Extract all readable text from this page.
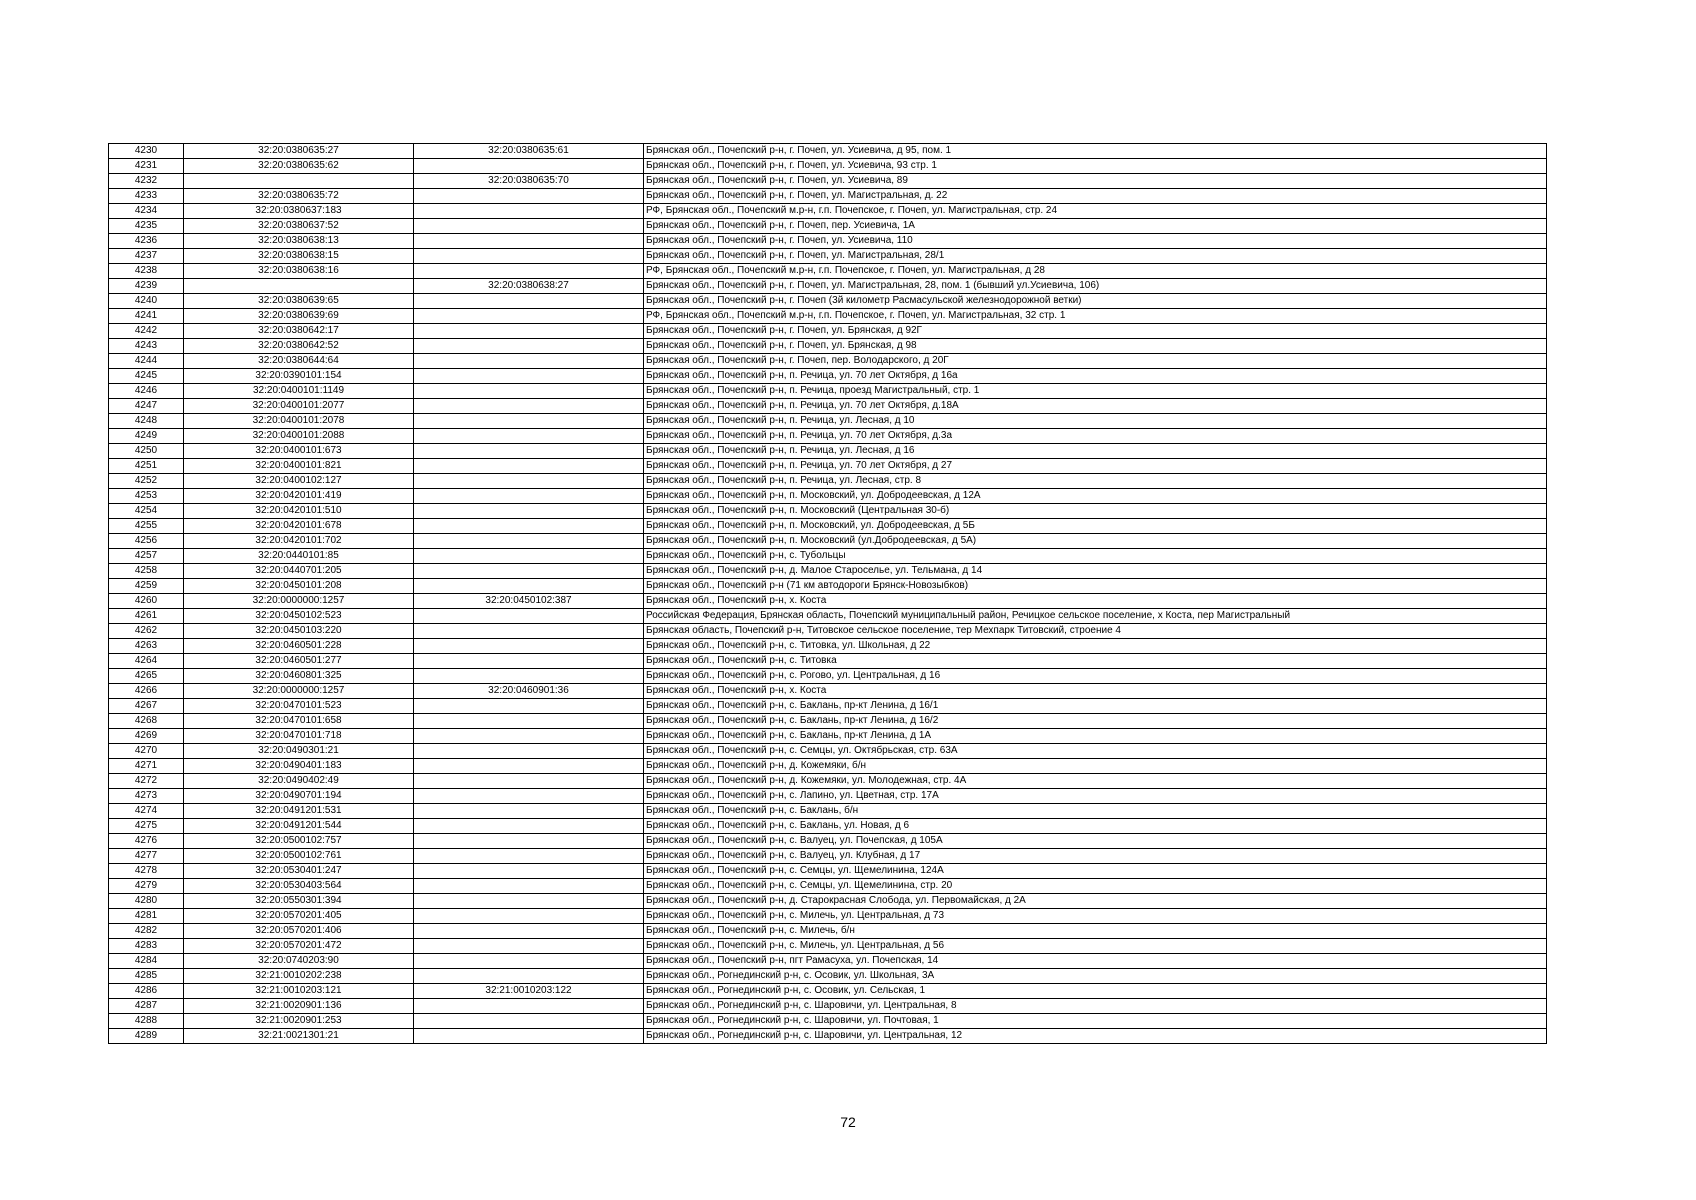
4230	32:20:0380635:27	32:20:0380635:61	Брянская обл., Почепский р-н, г. Почеп, ул. Усиевича, д 95, пом. 1
4231	32:20:0380635:62		Брянская обл., Почепский р-н, г. Почеп, ул. Усиевича, 93 стр. 1
4232		32:20:0380635:70	Брянская обл., Почепский р-н, г. Почеп, ул. Усиевича, 89
4233	32:20:0380635:72		Брянская обл., Почепский р-н, г. Почеп, ул. Магистральная, д. 22
4234	32:20:0380637:183		РФ, Брянская обл., Почепский м.р-н, г.п. Почепское, г. Почеп, ул. Магистральная, стр. 24
4235	32:20:0380637:52		Брянская обл., Почепский р-н, г. Почеп, пер. Усиевича, 1А
4236	32:20:0380638:13		Брянская обл., Почепский р-н, г. Почеп, ул. Усиевича, 110
4237	32:20:0380638:15		Брянская обл., Почепский р-н, г. Почеп, ул. Магистральная, 28/1
4238	32:20:0380638:16		РФ, Брянская обл., Почепский м.р-н, г.п. Почепское, г. Почеп, ул. Магистральная, д 28
4239		32:20:0380638:27	Брянская обл., Почепский р-н, г. Почеп, ул. Магистральная, 28, пом. 1 (бывший ул.Усиевича, 106)
4240	32:20:0380639:65		Брянская обл., Почепский р-н, г. Почеп (3й километр Расмасульской железнодорожной ветки)
4241	32:20:0380639:69		РФ, Брянская обл., Почепский м.р-н, г.п. Почепское, г. Почеп, ул. Магистральная, 32 стр. 1
4242	32:20:0380642:17		Брянская обл., Почепский р-н, г. Почеп, ул. Брянская, д 92Г
4243	32:20:0380642:52		Брянская обл., Почепский р-н, г. Почеп, ул. Брянская, д 98
4244	32:20:0380644:64		Брянская обл., Почепский р-н, г. Почеп, пер. Володарского, д 20Г
4245	32:20:0390101:154		Брянская обл., Почепский р-н, п. Речица, ул. 70 лет Октября, д 16а
4246	32:20:0400101:1149		Брянская обл., Почепский р-н, п. Речица, проезд Магистральный, стр. 1
4247	32:20:0400101:2077		Брянская обл., Почепский р-н, п. Речица, ул. 70 лет Октября, д.18А
4248	32:20:0400101:2078		Брянская обл., Почепский р-н, п. Речица, ул. Лесная, д 10
4249	32:20:0400101:2088		Брянская обл., Почепский р-н, п. Речица, ул. 70 лет Октября, д.3а
4250	32:20:0400101:673		Брянская обл., Почепский р-н, п. Речица, ул. Лесная, д 16
4251	32:20:0400101:821		Брянская обл., Почепский р-н, п. Речица, ул. 70 лет Октября, д 27
4252	32:20:0400102:127		Брянская обл., Почепский р-н, п. Речица, ул. Лесная, стр. 8
4253	32:20:0420101:419		Брянская обл., Почепский р-н, п. Московский, ул. Добродеевская, д 12А
4254	32:20:0420101:510		Брянская обл., Почепский р-н, п. Московский (Центральная 30-б)
4255	32:20:0420101:678		Брянская обл., Почепский р-н, п. Московский, ул. Добродеевская, д 5Б
4256	32:20:0420101:702		Брянская обл., Почепский р-н, п. Московский (ул.Добродеевская, д 5А)
4257	32:20:0440101:85		Брянская обл., Почепский р-н, с. Тубольцы
4258	32:20:0440701:205		Брянская обл., Почепский р-н, д. Малое Староселье, ул. Тельмана, д 14
4259	32:20:0450101:208		Брянская обл., Почепский р-н (71 км автодороги Брянск-Новозыбков)
4260	32:20:0000000:1257	32:20:0450102:387	Брянская обл., Почепский р-н, х. Коста
4261	32:20:0450102:523		Российская Федерация, Брянская область, Почепский муниципальный район, Речицкое сельское поселение, х Коста, пер Магистральный
4262	32:20:0450103:220		Брянская область, Почепский р-н, Титовское сельское поселение, тер Мехпарк Титовский, строение 4
4263	32:20:0460501:228		Брянская обл., Почепский р-н, с. Титовка, ул. Школьная, д 22
4264	32:20:0460501:277		Брянская обл., Почепский р-н, с. Титовка
4265	32:20:0460801:325		Брянская обл., Почепский р-н, с. Рогово, ул. Центральная, д 16
4266	32:20:0000000:1257	32:20:0460901:36	Брянская обл., Почепский р-н, х. Коста
4267	32:20:0470101:523		Брянская обл., Почепский р-н, с. Баклань, пр-кт Ленина, д 16/1
4268	32:20:0470101:658		Брянская обл., Почепский р-н, с. Баклань, пр-кт Ленина, д 16/2
4269	32:20:0470101:718		Брянская обл., Почепский р-н, с. Баклань, пр-кт Ленина, д 1А
4270	32:20:0490301:21		Брянская обл., Почепский р-н, с. Семцы, ул. Октябрьская, стр. 63А
4271	32:20:0490401:183		Брянская обл., Почепский р-н, д. Кожемяки, б/н
4272	32:20:0490402:49		Брянская обл., Почепский р-н, д. Кожемяки, ул. Молодежная, стр. 4А
4273	32:20:0490701:194		Брянская обл., Почепский р-н, с. Лапино, ул. Цветная, стр. 17А
4274	32:20:0491201:531		Брянская обл., Почепский р-н, с. Баклань, б/н
4275	32:20:0491201:544		Брянская обл., Почепский р-н, с. Баклань, ул. Новая, д 6
4276	32:20:0500102:757		Брянская обл., Почепский р-н, с. Валуец, ул. Почепская, д 105А
4277	32:20:0500102:761		Брянская обл., Почепский р-н, с. Валуец, ул. Клубная, д 17
4278	32:20:0530401:247		Брянская обл., Почепский р-н, с. Семцы, ул. Щемелинина, 124А
4279	32:20:0530403:564		Брянская обл., Почепский р-н, с. Семцы, ул. Щемелинина, стр. 20
4280	32:20:0550301:394		Брянская обл., Почепский р-н, д. Старокрасная Слобода, ул. Первомайская, д 2А
4281	32:20:0570201:405		Брянская обл., Почепский р-н, с. Милечь, ул. Центральная, д 73
4282	32:20:0570201:406		Брянская обл., Почепский р-н, с. Милечь, б/н
4283	32:20:0570201:472		Брянская обл., Почепский р-н, с. Милечь, ул. Центральная, д 56
4284	32:20:0740203:90		Брянская обл., Почепский р-н, пгт Рамасуха, ул. Почепская, 14
4285	32:21:0010202:238		Брянская обл., Рогнединский р-н, с. Осовик, ул. Школьная, 3А
4286	32:21:0010203:121	32:21:0010203:122	Брянская обл., Рогнединский р-н, с. Осовик, ул. Сельская, 1
4287	32:21:0020901:136		Брянская обл., Рогнединский р-н, с. Шаровичи, ул. Центральная, 8
4288	32:21:0020901:253		Брянская обл., Рогнединский р-н, с. Шаровичи, ул. Почтовая, 1
4289	32:21:0021301:21		Брянская обл., Рогнединский р-н, с. Шаровичи, ул. Центральная, 12
72
